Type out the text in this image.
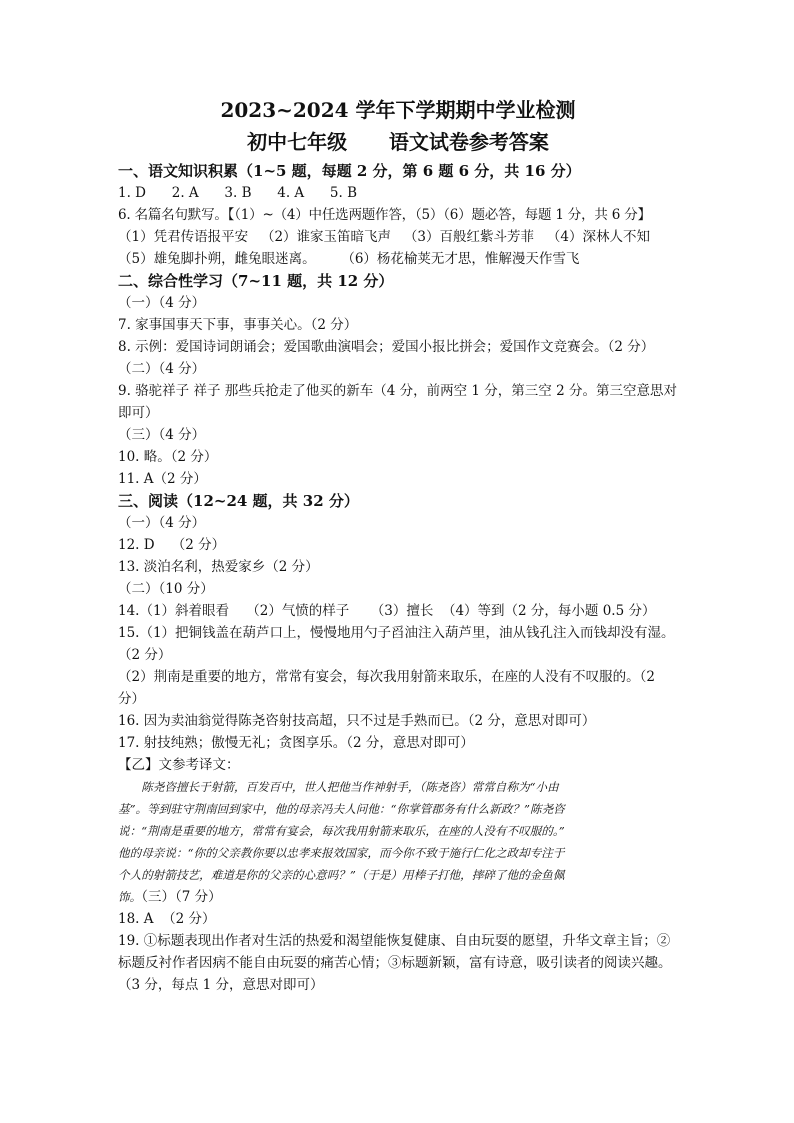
2023~2024 学年下学期期中学业检测

初中七年级      语文试卷参考答案

一、语文知识积累（1~5 题，每题 2 分，第 6 题 6 分，共 16 分）

1. D      2. A      3. B      4. A      5. B

6. 名篇名句默写。【（1）~（4）中任选两题作答，（5）（6）题必答，每题 1 分，共 6 分】

（1）凭君传语报平安   （2）谁家玉笛暗飞声   （3）百般红紫斗芳菲   （4）深林人不知

（5）雄兔脚扑朔，雌兔眼迷离。      （6）杨花榆荚无才思，惟解漫天作雪飞

二、综合性学习（7~11 题，共 12 分）

（一）（4 分）

7. 家事国事天下事，事事关心。（2 分）

8. 示例：爱国诗词朗诵会；爱国歌曲演唱会；爱国小报比拼会；爱国作文竞赛会。（2 分）

（二）（4 分）

9. 骆驼祥子 祥子 那些兵抢走了他买的新车（4 分，前两空 1 分，第三空 2 分。第三空意思对即可）

（三）（4 分）

10. 略。（2 分）

11. A（2 分）

三、阅读（12~24 题，共 32 分）

（一）（4 分）

12. D    （2 分）

13. 淡泊名利，热爱家乡（2 分）

（二）（10 分）

14.（1）斜着眼看    （2）气愤的样子     （3）擅长  （4）等到（2 分，每小题 0.5 分）

15.（1）把铜钱盖在葫芦口上，慢慢地用勺子舀油注入葫芦里，油从钱孔注入而钱却没有湿。（2 分）

（2）荆南是重要的地方，常常有宴会，每次我用射箭来取乐，在座的人没有不叹服的。（2 分）

16. 因为卖油翁觉得陈尧咨射技高超，只不过是手熟而已。（2 分，意思对即可）

17. 射技纯熟；傲慢无礼；贪图享乐。（2 分，意思对即可）

【乙】文参考译文：

陈尧咨擅长于射箭，百发百中，世人把他当作神射手，（陈尧咨）常常自称为“小由

基”。等到驻守荆南回到家中，他的母亲冯夫人问他：“你掌管郡务有什么新政？”陈尧咨

说：“荆南是重要的地方，常常有宴会，每次我用射箭来取乐，在座的人没有不叹服的。”

他的母亲说：“你的父亲教你要以忠孝来报效国家，而今你不致于施行仁化之政却专注于

个人的射箭技艺，难道是你的父亲的心意吗？”（于是）用棒子打他，摔碎了他的金鱼佩

饰。（三）（7 分）

18. A  （2 分）

19. ①标题表现出作者对生活的热爱和渴望能恢复健康、自由玩耍的愿望，升华文章主旨；②标题反衬作者因病不能自由玩耍的痛苦心情；③标题新颖，富有诗意，吸引读者的阅读兴趣。（3 分，每点 1 分，意思对即可）
